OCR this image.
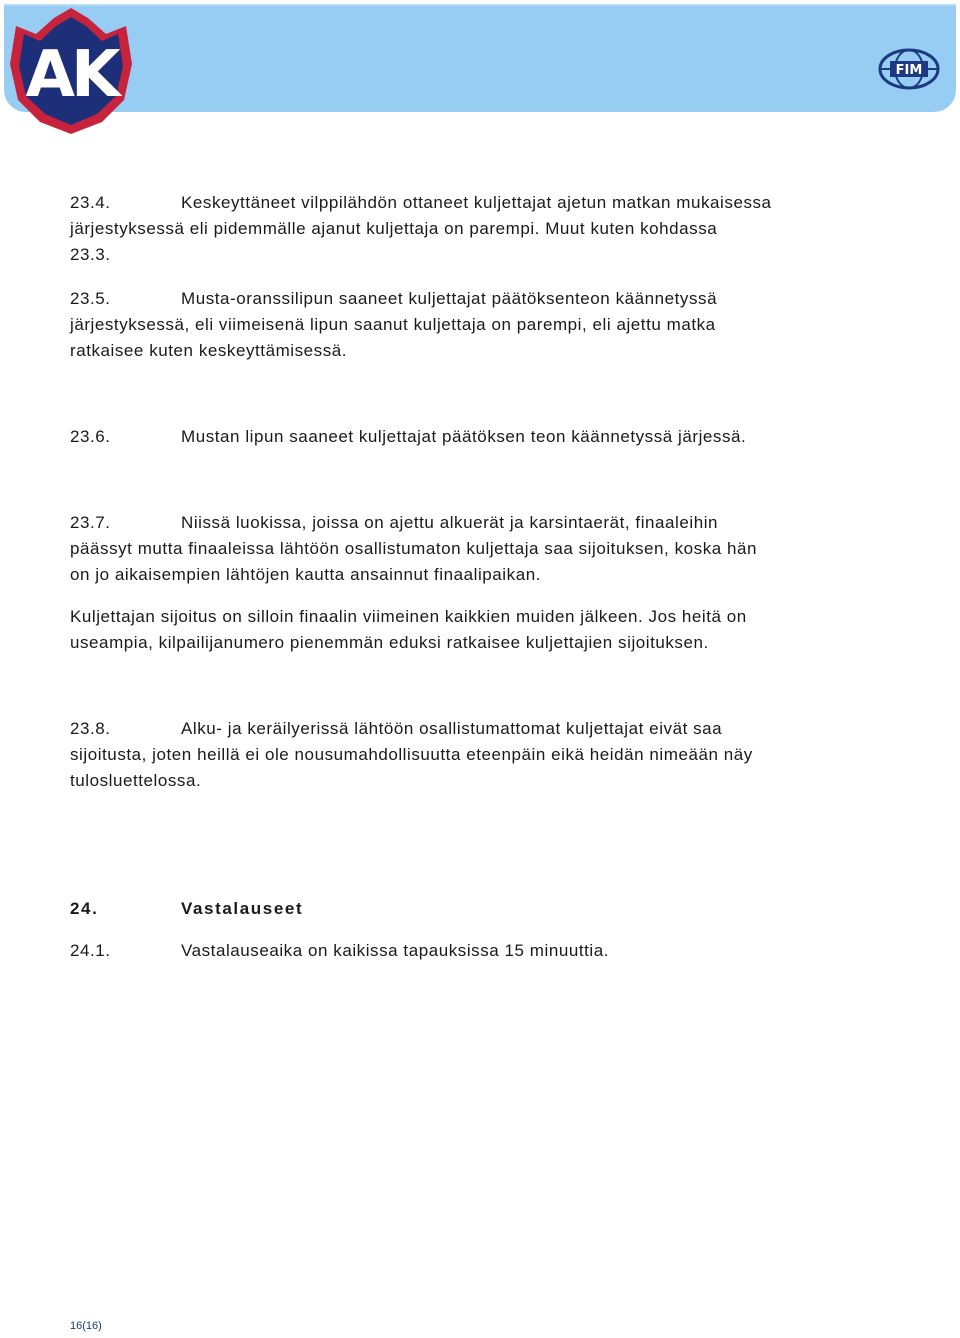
AK	FIM

23.4.	Keskeyttäneet vilppilähdön ottaneet kuljettajat ajetun matkan mukaisessa
järjestyksessä eli pidemmälle ajanut kuljettaja on parempi. Muut kuten kohdassa
23.3.

23.5.	Musta-oranssilipun saaneet kuljettajat päätöksenteon käännetyssä
järjestyksessä, eli viimeisenä lipun saanut kuljettaja on parempi, eli ajettu matka
ratkaisee kuten keskeyttämisessä.

23.6.	Mustan lipun saaneet kuljettajat päätöksen teon käännetyssä järjessä.

23.7.	Niissä luokissa, joissa on ajettu alkuerät ja karsintaerät, finaaleihin
päässyt mutta finaaleissa lähtöön osallistumaton kuljettaja saa sijoituksen, koska hän
on jo aikaisempien lähtöjen kautta ansainnut finaalipaikan.

Kuljettajan sijoitus on silloin finaalin viimeinen kaikkien muiden jälkeen. Jos heitä on
useampia, kilpailijanumero pienemmän eduksi ratkaisee kuljettajien sijoituksen.

23.8.	Alku- ja keräilyerissä lähtöön osallistumattomat kuljettajat eivät saa
sijoitusta, joten heillä ei ole nousumahdollisuutta eteenpäin eikä heidän nimeään näy
tulosluettelossa.

24.	Vastalauseet

24.1.	Vastalauseaika on kaikissa tapauksissa 15 minuuttia.

16(16)
